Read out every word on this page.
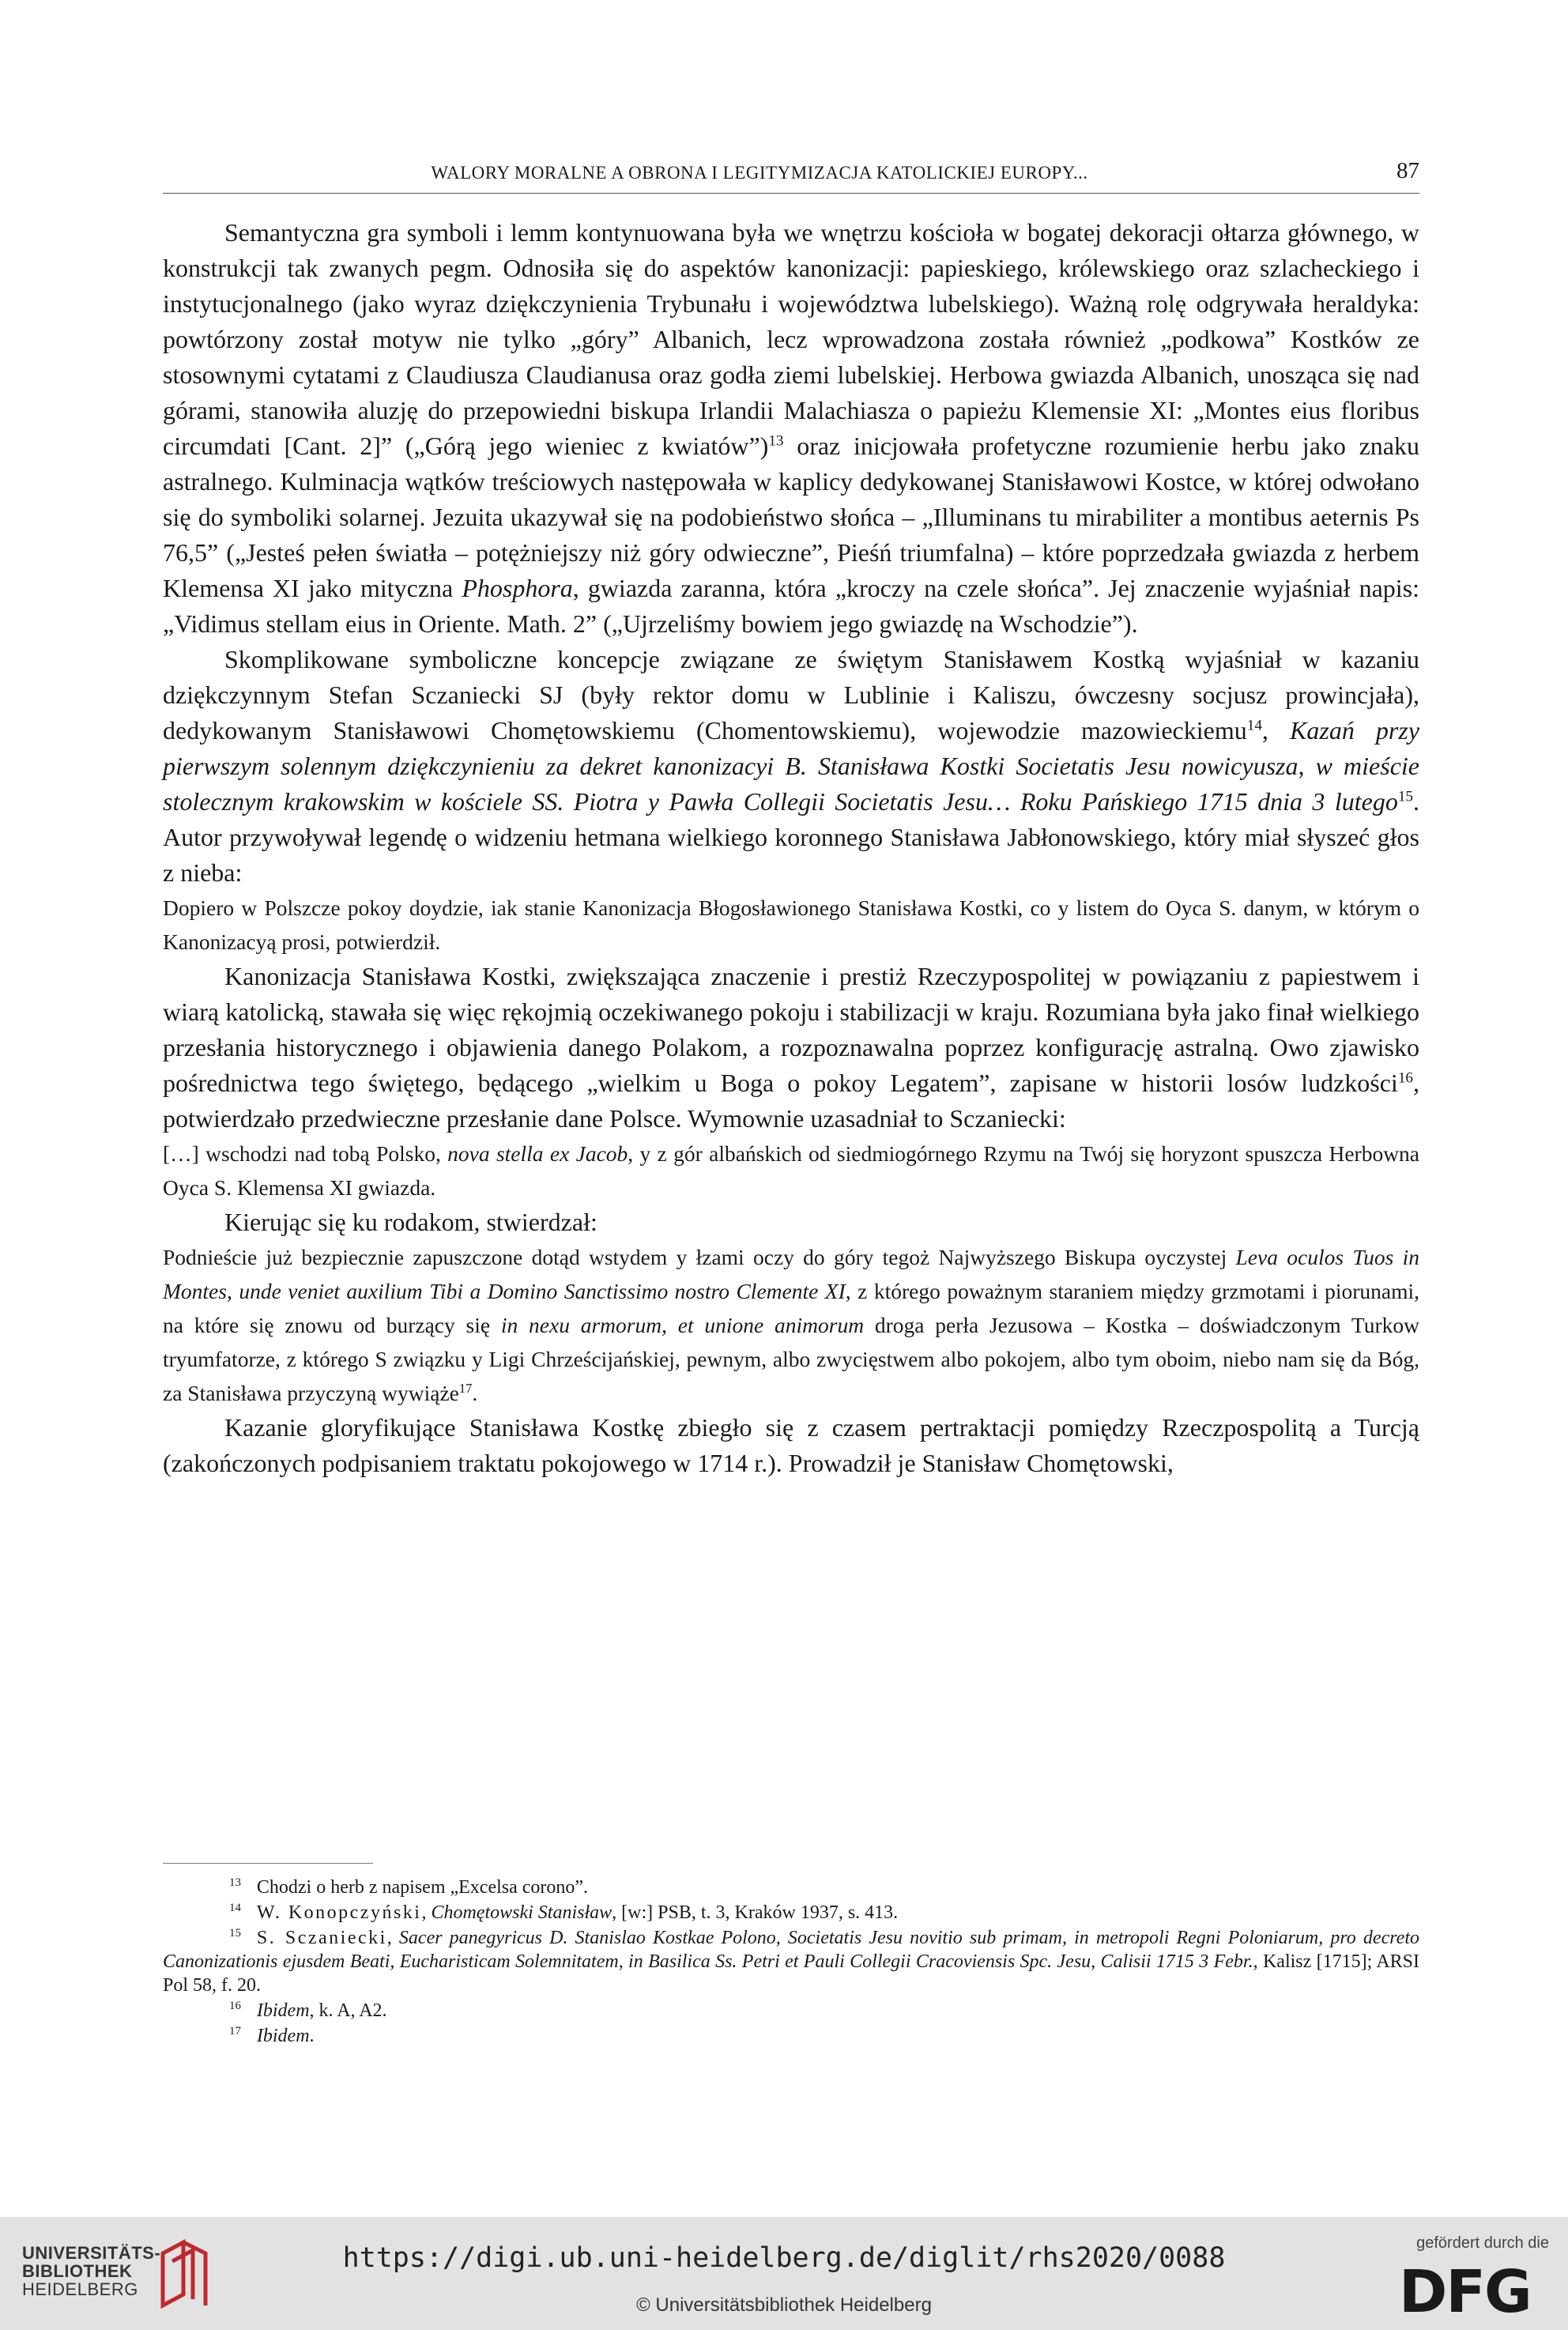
WALORY MORALNE A OBRONA I LEGITYMIZACJA KATOLICKIEJ EUROPY...	87

Semantyczna gra symboli i lemm kontynuowana była we wnętrzu kościoła w bogatej dekoracji ołtarza głównego, w konstrukcji tak zwanych pegm. Odnosiła się do aspektów kanonizacji: papieskiego, królewskiego oraz szlacheckiego i instytucjonalnego (jako wyraz dziękczynienia Trybunału i województwa lubelskiego). Ważną rolę odgrywała heraldyka: powtórzony został motyw nie tylko „góry” Albanich, lecz wprowadzona została również „podkowa” Kostków ze stosownymi cytatami z Claudiusza Claudianusa oraz godła ziemi lubelskiej. Herbowa gwiazda Albanich, unosząca się nad górami, stanowiła aluzję do przepowiedni biskupa Irlandii Malachiasza o papieżu Klemensie XI: „Montes eius floribus circumdati [Cant. 2]” („Górą jego wieniec z kwiatów”)$^{13}$ oraz inicjowała profetyczne rozumienie herbu jako znaku astralnego. Kulminacja wątków treściowych następowała w kaplicy dedykowanej Stanisławowi Kostce, w której odwołano się do symboliki solarnej. Jezuita ukazywał się na podobieństwo słońca – „Illuminans tu mirabiliter a montibus aeternis Ps 76,5” („Jesteś pełen światła – potężniejszy niż góry odwieczne”, Pieśń triumfalna) – które poprzedzała gwiazda z herbem Klemensa XI jako mityczna Phosphora, gwiazda zaranna, która „kroczy na czele słońca”. Jej znaczenie wyjaśniał napis: „Vidimus stellam eius in Oriente. Math. 2” („Ujrzeliśmy bowiem jego gwiazdę na Wschodzie”).

Skomplikowane symboliczne koncepcje związane ze świętym Stanisławem Kostką wyjaśniał w kazaniu dziękczynnym Stefan Sczaniecki SJ (były rektor domu w Lublinie i Kaliszu, ówczesny socjusz prowincjała), dedykowanym Stanisławowi Chomętowskiemu (Chomentowskiemu), wojewodzie mazowieckiemu$^{14}$, Kazań przy pierwszym solennym dziękczynieniu za dekret kanonizacyi B. Stanisława Kostki Societatis Jesu nowicyusza, w mieście stolecznym krakowskim w kościele SS. Piotra y Pawła Collegii Societatis Jesu… Roku Pańskiego 1715 dnia 3 lutego$^{15}$. Autor przywoływał legendę o widzeniu hetmana wielkiego koronnego Stanisława Jabłonowskiego, który miał słyszeć głos z nieba:

Dopiero w Polszcze pokoy doydzie, iak stanie Kanonizacja Błogosławionego Stanisława Kostki, co y listem do Oyca S. danym, w którym o Kanonizacyą prosi, potwierdził.

Kanonizacja Stanisława Kostki, zwiększająca znaczenie i prestiż Rzeczypospolitej w powiązaniu z papiestwem i wiarą katolicką, stawała się więc rękojmią oczekiwanego pokoju i stabilizacji w kraju. Rozumiana była jako finał wielkiego przesłania historycznego i objawienia danego Polakom, a rozpoznawalna poprzez konfigurację astralną. Owo zjawisko pośrednictwa tego świętego, będącego „wielkim u Boga o pokoy Legatem”, zapisane w historii losów ludzkości$^{16}$, potwierdzało przedwieczne przesłanie dane Polsce. Wymownie uzasadniał to Sczaniecki:

[…] wschodzi nad tobą Polsko, nova stella ex Jacob, y z gór albańskich od siedmiogórnego Rzymu na Twój się horyzont spuszcza Herbowna Oyca S. Klemensa XI gwiazda.

Kierując się ku rodakom, stwierdzał:

Podnieście już bezpiecznie zapuszczone dotąd wstydem y łzami oczy do góry tegoż Najwyższego Biskupa oyczystej Leva oculos Tuos in Montes, unde veniet auxilium Tibi a Domino Sanctissimo nostro Clemente XI, z którego poważnym staraniem między grzmotami i piorunami, na które się znowu od burzący się in nexu armorum, et unione animorum droga perła Jezusowa – Kostka – doświadczonym Turkow tryumfatorze, z którego S związku y Ligi Chrześcijańskiej, pewnym, albo zwycięstwem albo pokojem, albo tym oboim, niebo nam się da Bóg, za Stanisława przyczyną wywiąże$^{17}$.

Kazanie gloryfikujące Stanisława Kostkę zbiegło się z czasem pertraktacji pomiędzy Rzeczpospolitą a Turcją (zakończonych podpisaniem traktatu pokojowego w 1714 r.). Prowadził je Stanisław Chomętowski,

$^{13}$ Chodzi o herb z napisem „Excelsa corono”.

$^{14}$ W. Konopczyński, Chomętowski Stanisław, [w:] PSB, t. 3, Kraków 1937, s. 413.

$^{15}$ S. Sczaniecki, Sacer panegyricus D. Stanislao Kostkae Polono, Societatis Jesu novitio sub primam, in metropoli Regni Poloniarum, pro decreto Canonizationis ejusdem Beati, Eucharisticam Solemnitatem, in Basilica Ss. Petri et Pauli Collegii Cracoviensis Spc. Jesu, Calisii 1715 3 Febr., Kalisz [1715]; ARSI Pol 58, f. 20.

$^{16}$ Ibidem, k. A, A2.

$^{17}$ Ibidem.

UNIVERSITÄTS-
BIBLIOTHEK
HEIDELBERG
https://digi.ub.uni-heidelberg.de/diglit/rhs2020/0088
© Universitätsbibliothek Heidelberg
gefördert durch die
DFG
